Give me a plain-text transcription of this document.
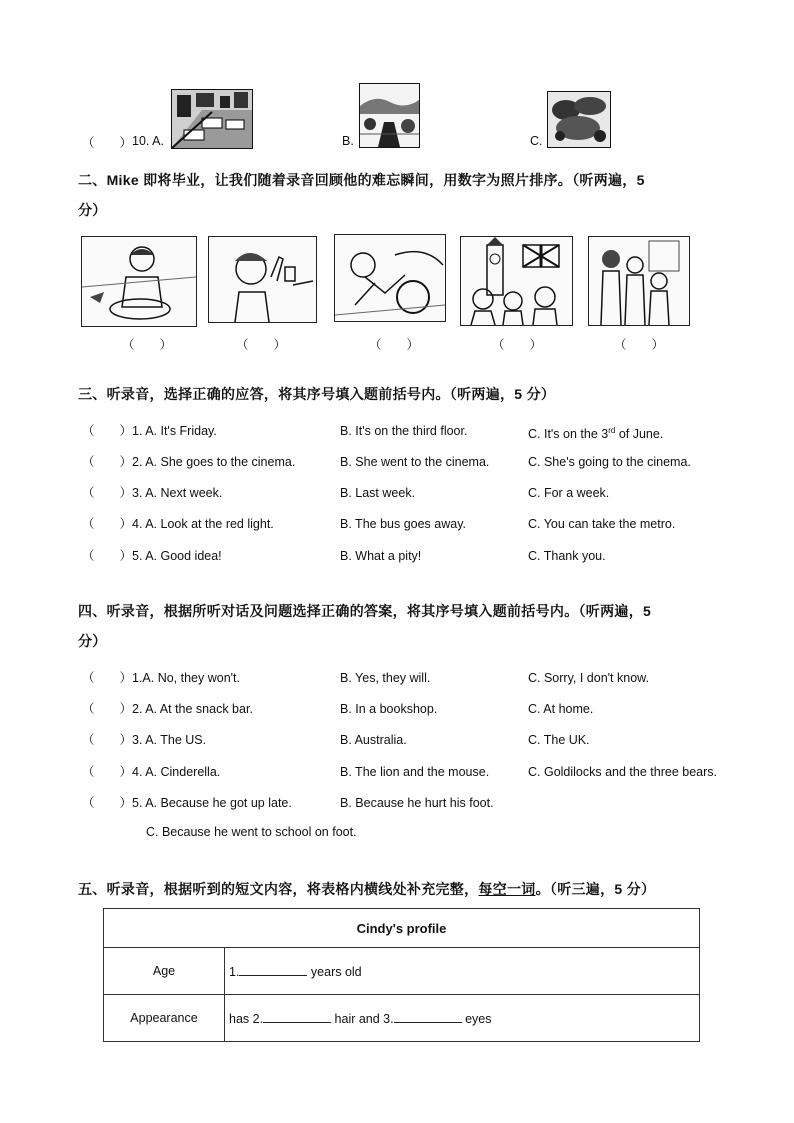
（　　） 10. A.	B.	C.
二、Mike 即将毕业，让我们随着录音回顾他的难忘瞬间，用数字为照片排序。（听两遍，5
分）
（　　）	（　　）	（　　）	（　　）	（　　）
三、听录音，选择正确的应答，将其序号填入题前括号内。（听两遍，5 分）
（　　） 1. A. It's Friday.	B. It's on the third floor.	C. It's on the 3rd of June.
（　　） 2. A. She goes to the cinema.	B. She went to the cinema.	C. She's going to the cinema.
（　　） 3. A. Next week.	B. Last week.	C. For a week.
（　　） 4. A. Look at the red light.	B. The bus goes away.	C. You can take the metro.
（　　） 5. A. Good idea!	B. What a pity!	C. Thank you.
四、听录音，根据所听对话及问题选择正确的答案，将其序号填入题前括号内。（听两遍，5
分）
（　　） 1.A. No, they won't.	B. Yes, they will.	C. Sorry, I don't know.
（　　） 2. A. At the snack bar.	B. In a bookshop.	C. At home.
（　　） 3. A. The US.	B. Australia.	C. The UK.
（　　） 4. A. Cinderella.	B. The lion and the mouse.	C. Goldilocks and the three bears.
（　　） 5. A. Because he got up late.	B. Because he hurt his foot.
C. Because he went to school on foot.
五、听录音，根据听到的短文内容，将表格内横线处补充完整，每空一词。（听三遍，5 分）
Cindy's profile	
Age	1. years old
Appearance	has 2. hair and 3. eyes
